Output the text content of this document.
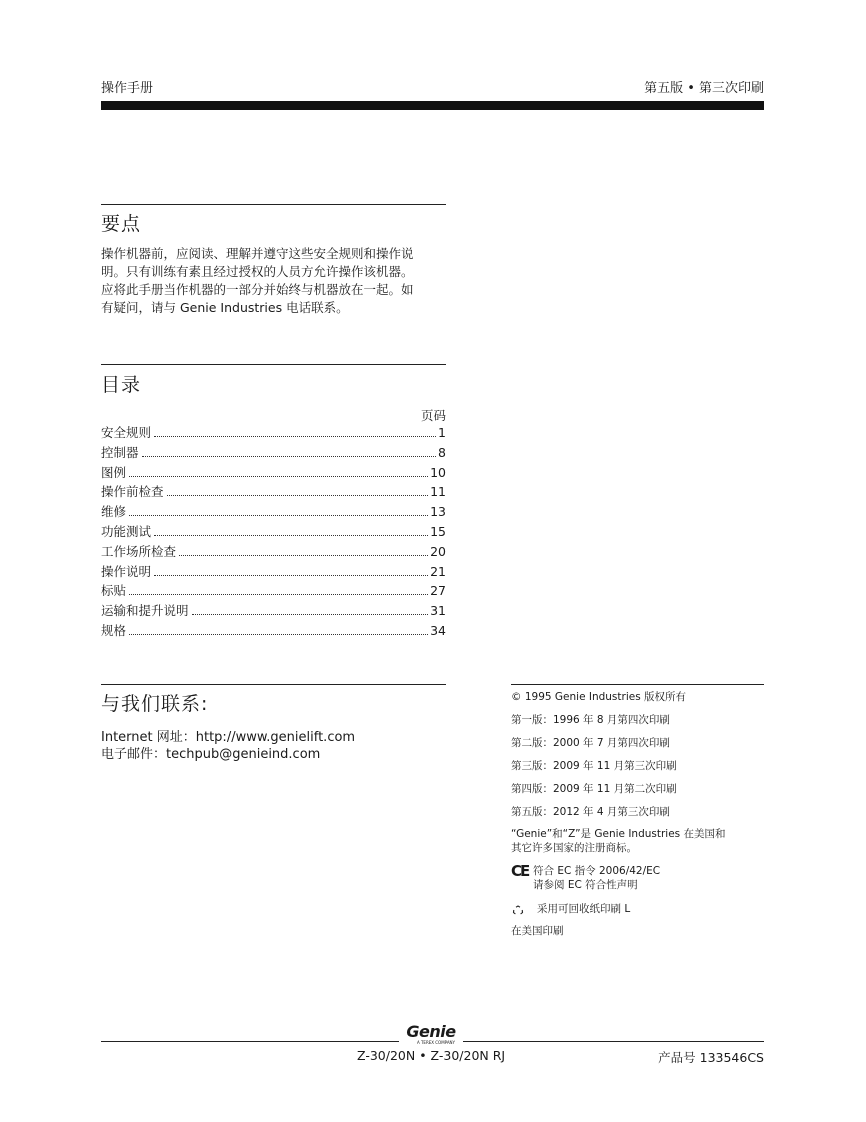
操作手册	第五版 • 第三次印刷
要点
操作机器前，应阅读、理解并遵守这些安全规则和操作说
明。只有训练有素且经过授权的人员方允许操作该机器。
应将此手册当作机器的一部分并始终与机器放在一起。如
有疑问，请与 Genie Industries 电话联系。
目录
页码
安全规则	1
控制器	8
图例	10
操作前检查	11
维修	13
功能测试	15
工作场所检查	20
操作说明	21
标贴	27
运输和提升说明	31
规格	34
与我们联系:
Internet 网址：http://www.genielift.com
电子邮件：techpub@genieind.com
© 1995 Genie Industries 版权所有
第一版：1996 年 8 月第四次印刷
第二版：2000 年 7 月第四次印刷
第三版：2009 年 11 月第三次印刷
第四版：2009 年 11 月第二次印刷
第五版：2012 年 4 月第三次印刷
“Genie”和“Z”是 Genie Industries 在美国和
其它许多国家的注册商标。
CE 符合 EC 指令 2006/42/EC
请参阅 EC 符合性声明
采用可回收纸印刷 L
在美国印刷
Genie
A TEREX COMPANY
Z-30/20N • Z-30/20N RJ	产品号 133546CS
